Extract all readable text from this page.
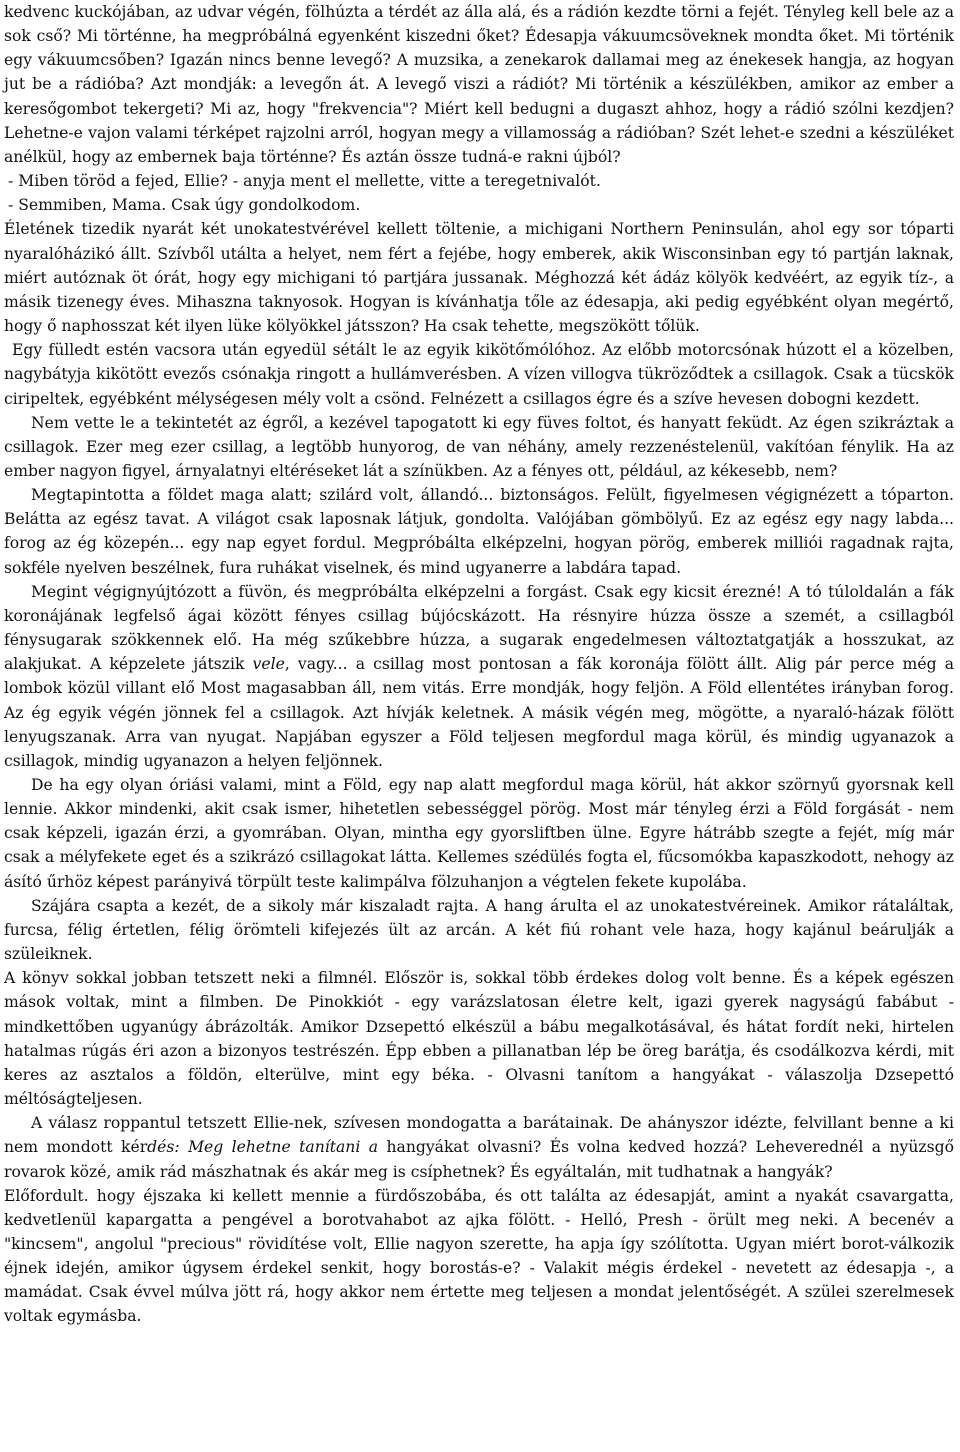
kedvenc kuckójában, az udvar végén, fölhúzta a térdét az álla alá, és a rádión kezdte törni a fejét. Tényleg kell bele az a sok cső? Mi történne, ha megpróbálná egyenként kiszedni őket? Édesapja vákuumcsöveknek mondta őket. Mi történik egy vákuumcsőben? Igazán nincs benne levegő? A muzsika, a zenekarok dallamai meg az énekesek hangja, az hogyan jut be a rádióba? Azt mondják: a levegőn át. A levegő viszi a rádiót? Mi történik a készülékben, amikor az ember a keresőgombot tekergeti? Mi az, hogy "frekvencia"? Miért kell bedugni a dugaszt ahhoz, hogy a rádió szólni kezdjen? Lehetne-e vajon valami térképet rajzolni arról, hogyan megy a villamosság a rádióban? Szét lehet-e szedni a készüléket anélkül, hogy az embernek baja történne? És aztán össze tudná-e rakni újból?

- Miben töröd a fejed, Ellie? - anyja ment el mellette, vitte a teregetnivalót.

- Semmiben, Mama. Csak úgy gondolkodom.

Életének tizedik nyarát két unokatestvérével kellett töltenie, a michigani Northern Peninsulán, ahol egy sor tóparti nyaralóházikó állt. Szívből utálta a helyet, nem fért a fejébe, hogy emberek, akik Wisconsinban egy tó partján laknak, miért autóznak öt órát, hogy egy michigani tó partjára jussanak. Méghozzá két ádáz kölyök kedvéért, az egyik tíz-, a másik tizenegy éves. Mihaszna taknyosok. Hogyan is kívánhatja tőle az édesapja, aki pedig egyébként olyan megértő, hogy ő naphosszat két ilyen lüke kölyökkel játsszon? Ha csak tehette, megszökött tőlük.

Egy fülledt estén vacsora után egyedül sétált le az egyik kikötőmólóhoz. Az előbb motorcsónak húzott el a közelben, nagybátyja kikötött evezős csónakja ringott a hullámverésben. A vízen villogva tükröződtek a csillagok. Csak a tücskök ciripeltek, egyébként mélységesen mély volt a csönd. Felnézett a csillagos égre és a szíve hevesen dobogni kezdett.

Nem vette le a tekintetét az égről, a kezével tapogatott ki egy füves foltot, és hanyatt feküdt. Az égen szikráztak a csillagok. Ezer meg ezer csillag, a legtöbb hunyorog, de van néhány, amely rezzenéstelenül, vakítóan fénylik. Ha az ember nagyon figyel, árnyalatnyi eltéréseket lát a színükben. Az a fényes ott, például, az kékesebb, nem?

Megtapintotta a földet maga alatt; szilárd volt, állandó... biztonságos. Felült, figyelmesen végignézett a tóparton. Belátta az egész tavat. A világot csak laposnak látjuk, gondolta. Valójában gömbölyű. Ez az egész egy nagy labda... forog az ég közepén... egy nap egyet fordul. Megpróbálta elképzelni, hogyan pörög, emberek milliói ragadnak rajta, sokféle nyelven beszélnek, fura ruhákat viselnek, és mind ugyanerre a labdára tapad.

Megint végignyújtózott a füvön, és megpróbálta elképzelni a forgást. Csak egy kicsit érezné! A tó túloldalán a fák koronájának legfelső ágai között fényes csillag bújócskázott. Ha résnyire húzza össze a szemét, a csillagból fénysugarak szökkennek elő. Ha még szűkebbre húzza, a sugarak engedelmesen változtatgatják a hosszukat, az alakjukat. A képzelete játszik vele, vagy... a csillag most pontosan a fák koronája fölött állt. Alig pár perce még a lombok közül villant elő Most magasabban áll, nem vitás. Erre mondják, hogy feljön. A Föld ellentétes irányban forog. Az ég egyik végén jönnek fel a csillagok. Azt hívják keletnek. A másik végén meg, mögötte, a nyaraló-házak fölött lenyugszanak. Arra van nyugat. Napjában egyszer a Föld teljesen megfordul maga körül, és mindig ugyanazok a csillagok, mindig ugyanazon a helyen feljönnek.

De ha egy olyan óriási valami, mint a Föld, egy nap alatt megfordul maga körül, hát akkor szörnyű gyorsnak kell lennie. Akkor mindenki, akit csak ismer, hihetetlen sebességgel pörög. Most már tényleg érzi a Föld forgását - nem csak képzeli, igazán érzi, a gyomrában. Olyan, mintha egy gyorsliftben ülne. Egyre hátrább szegte a fejét, míg már csak a mélyfekete eget és a szikrázó csillagokat látta. Kellemes szédülés fogta el, fűcsomókba kapaszkodott, nehogy az ásító űrhöz képest parányivá törpült teste kalimpálva fölzuhanjon a végtelen fekete kupolába.

Szájára csapta a kezét, de a sikoly már kiszaladt rajta. A hang árulta el az unokatestvéreinek. Amikor rátaláltak, furcsa, félig értetlen, félig örömteli kifejezés ült az arcán. A két fiú rohant vele haza, hogy kajánul beárulják a szüleiknek.

A könyv sokkal jobban tetszett neki a filmnél. Először is, sokkal több érdekes dolog volt benne. És a képek egészen mások voltak, mint a filmben. De Pinokkiót - egy varázslatosan életre kelt, igazi gyerek nagyságú fabábut - mindkettőben ugyanúgy ábrázolták. Amikor Dzsepettó elkészül a bábu megalkotásával, és hátat fordít neki, hirtelen hatalmas rúgás éri azon a bizonyos testrészén. Épp ebben a pillanatban lép be öreg barátja, és csodálkozva kérdi, mit keres az asztalos a földön, elterülve, mint egy béka. - Olvasni tanítom a hangyákat - válaszolja Dzsepettó méltóságteljesen.

A válasz roppantul tetszett Ellie-nek, szívesen mondogatta a barátainak. De ahányszor idézte, felvillant benne a ki nem mondott kérdés: Meg lehetne tanítani a hangyákat olvasni? És volna kedved hozzá? Leheverednél a nyüzsgő rovarok közé, amik rád mászhatnak és akár meg is csíphetnek? És egyáltalán, mit tudhatnak a hangyák?

Előfordult. hogy éjszaka ki kellett mennie a fürdőszobába, és ott találta az édesapját, amint a nyakát csavargatta, kedvetlenül kapargatta a pengével a borotvahabot az ajka fölött. - Helló, Presh - örült meg neki. A becenév a "kincsem", angolul "precious" rövidítése volt, Ellie nagyon szerette, ha apja így szólította. Ugyan miért borot-válkozik éjnek idején, amikor úgysem érdekel senkit, hogy borostás-e? - Valakit mégis érdekel - nevetett az édesapja -, a mamádat. Csak évvel múlva jött rá, hogy akkor nem értette meg teljesen a mondat jelentőségét. A szülei szerelmesek voltak egymásba.
